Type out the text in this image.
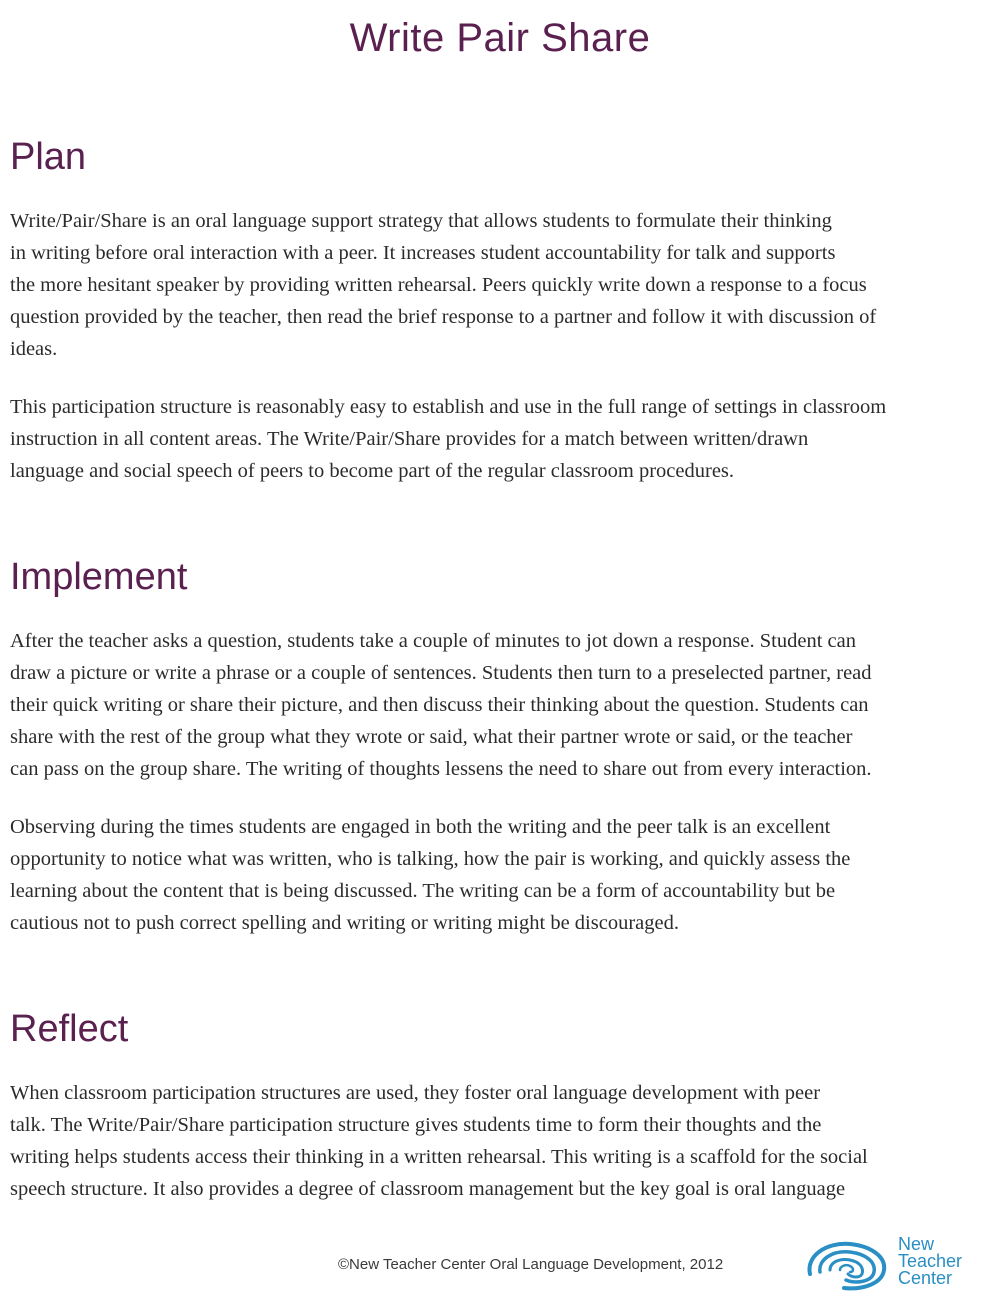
Write Pair Share
Plan

Write/Pair/Share is an oral language support strategy that allows students to formulate their thinking
in writing before oral interaction with a peer. It increases student accountability for talk and supports
the more hesitant speaker by providing written rehearsal. Peers quickly write down a response to a focus
question provided by the teacher, then read the brief response to a partner and follow it with discussion of
ideas.

This participation structure is reasonably easy to establish and use in the full range of settings in classroom
instruction in all content areas. The Write/Pair/Share provides for a match between written/drawn
language and social speech of peers to become part of the regular classroom procedures.

Implement

After the teacher asks a question, students take a couple of minutes to jot down a response. Student can
draw a picture or write a phrase or a couple of sentences. Students then turn to a preselected partner, read
their quick writing or share their picture, and then discuss their thinking about the question. Students can
share with the rest of the group what they wrote or said, what their partner wrote or said, or the teacher
can pass on the group share. The writing of thoughts lessens the need to share out from every interaction.

Observing during the times students are engaged in both the writing and the peer talk is an excellent
opportunity to notice what was written, who is talking, how the pair is working, and quickly assess the
learning about the content that is being discussed. The writing can be a form of accountability but be
cautious not to push correct spelling and writing or writing might be discouraged.

Reflect

When classroom participation structures are used, they foster oral language development with peer
talk. The Write/Pair/Share participation structure gives students time to form their thoughts and the
writing helps students access their thinking in a written rehearsal. This writing is a scaffold for the social
speech structure. It also provides a degree of classroom management but the key goal is oral language

©New Teacher Center Oral Language Development, 2012
New
Teacher
Center
